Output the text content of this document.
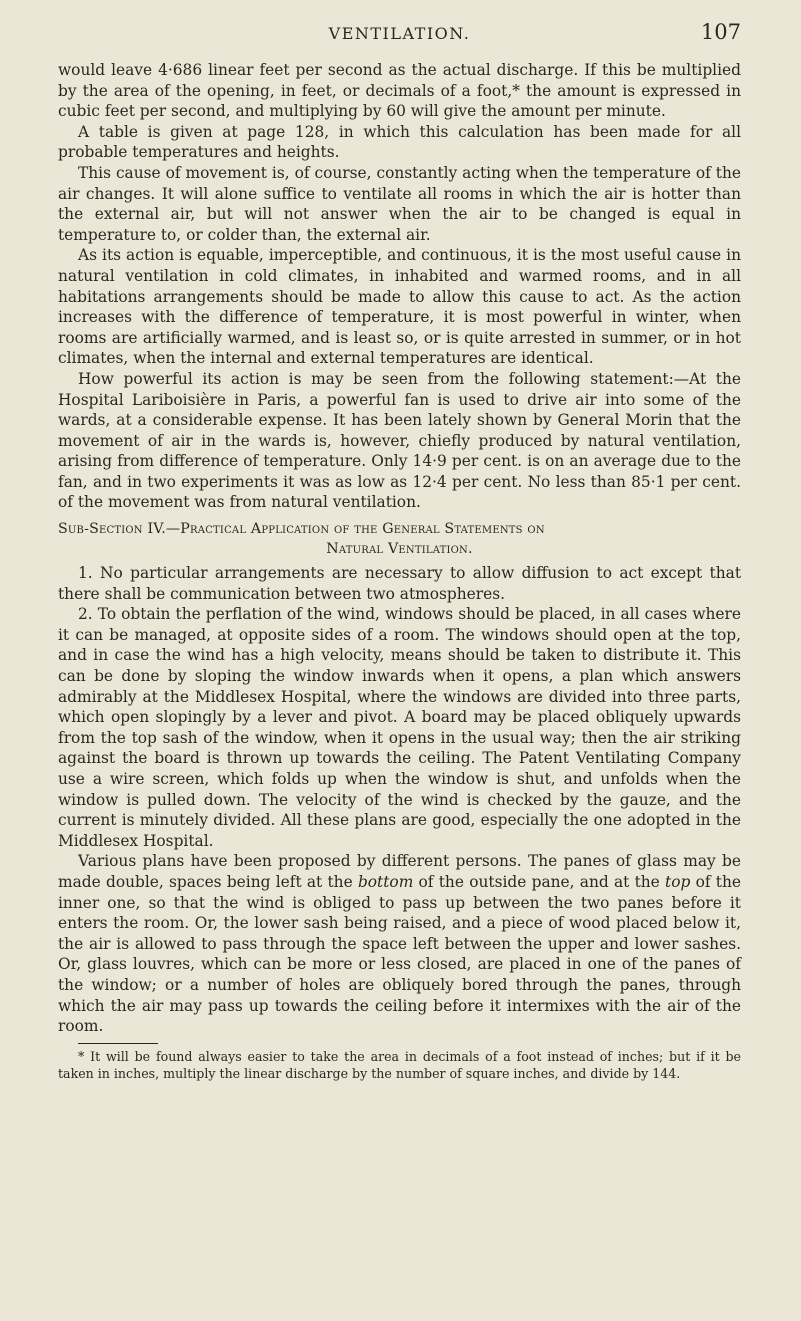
VENTILATION.	107

would leave 4·686 linear feet per second as the actual discharge. If this be multiplied by the area of the opening, in feet, or decimals of a foot,* the amount is expressed in cubic feet per second, and multiplying by 60 will give the amount per minute.

A table is given at page 128, in which this calculation has been made for all probable temperatures and heights.

This cause of movement is, of course, constantly acting when the temperature of the air changes. It will alone suffice to ventilate all rooms in which the air is hotter than the external air, but will not answer when the air to be changed is equal in temperature to, or colder than, the external air.

As its action is equable, imperceptible, and continuous, it is the most useful cause in natural ventilation in cold climates, in inhabited and warmed rooms, and in all habitations arrangements should be made to allow this cause to act. As the action increases with the difference of temperature, it is most powerful in winter, when rooms are artificially warmed, and is least so, or is quite arrested in summer, or in hot climates, when the internal and external temperatures are identical.

How powerful its action is may be seen from the following statement:—At the Hospital Lariboisière in Paris, a powerful fan is used to drive air into some of the wards, at a considerable expense. It has been lately shown by General Morin that the movement of air in the wards is, however, chiefly produced by natural ventilation, arising from difference of temperature. Only 14·9 per cent. is on an average due to the fan, and in two experiments it was as low as 12·4 per cent. No less than 85·1 per cent. of the movement was from natural ventilation.

Sub-Section IV.—Practical Application of the General Statements on
Natural Ventilation.

1. No particular arrangements are necessary to allow diffusion to act except that there shall be communication between two atmospheres.

2. To obtain the perflation of the wind, windows should be placed, in all cases where it can be managed, at opposite sides of a room. The windows should open at the top, and in case the wind has a high velocity, means should be taken to distribute it. This can be done by sloping the window inwards when it opens, a plan which answers admirably at the Middlesex Hospital, where the windows are divided into three parts, which open slopingly by a lever and pivot. A board may be placed obliquely upwards from the top sash of the window, when it opens in the usual way; then the air striking against the board is thrown up towards the ceiling. The Patent Ventilating Company use a wire screen, which folds up when the window is shut, and unfolds when the window is pulled down. The velocity of the wind is checked by the gauze, and the current is minutely divided. All these plans are good, especially the one adopted in the Middlesex Hospital.

Various plans have been proposed by different persons. The panes of glass may be made double, spaces being left at the bottom of the outside pane, and at the top of the inner one, so that the wind is obliged to pass up between the two panes before it enters the room. Or, the lower sash being raised, and a piece of wood placed below it, the air is allowed to pass through the space left between the upper and lower sashes. Or, glass louvres, which can be more or less closed, are placed in one of the panes of the window; or a number of holes are obliquely bored through the panes, through which the air may pass up towards the ceiling before it intermixes with the air of the room.

* It will be found always easier to take the area in decimals of a foot instead of inches; but if it be taken in inches, multiply the linear discharge by the number of square inches, and divide by 144.
